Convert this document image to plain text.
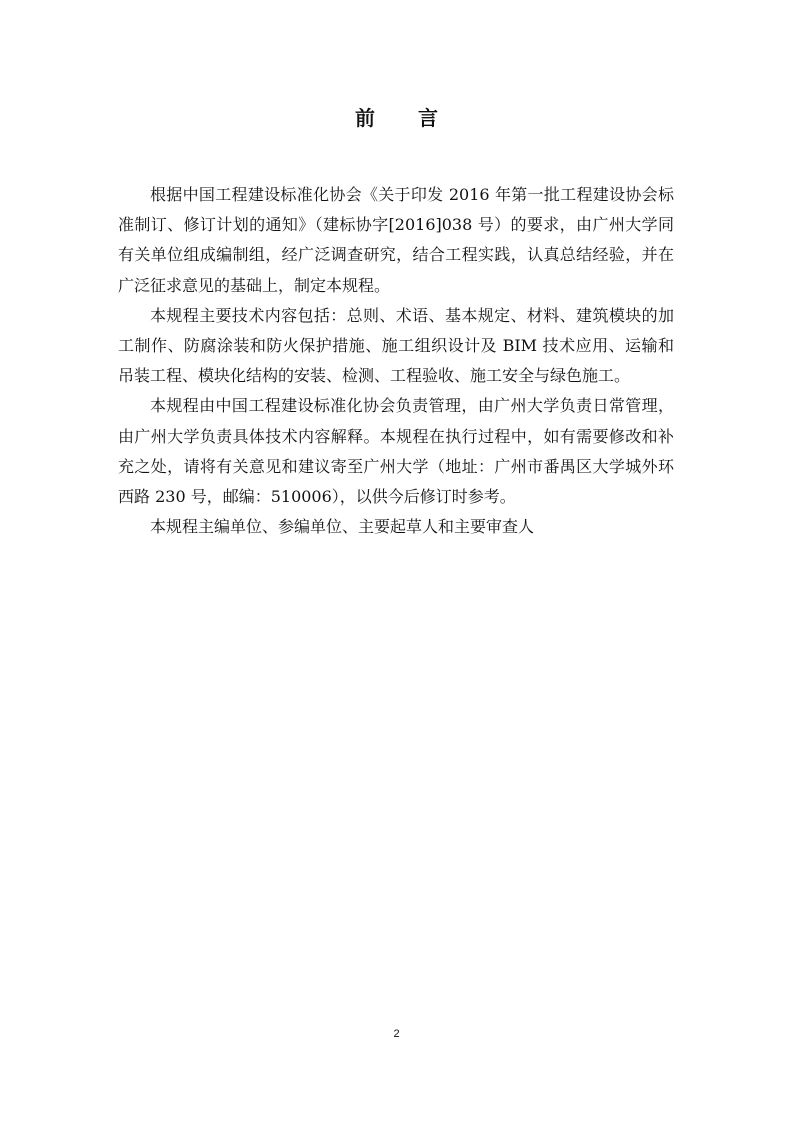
前 言

根据中国工程建设标准化协会《关于印发 2016 年第一批工程建设协会标准制订、修订计划的通知》（建标协字[2016]038 号）的要求，由广州大学同有关单位组成编制组，经广泛调查研究，结合工程实践，认真总结经验，并在广泛征求意见的基础上，制定本规程。

本规程主要技术内容包括：总则、术语、基本规定、材料、建筑模块的加工制作、防腐涂装和防火保护措施、施工组织设计及 BIM 技术应用、运输和吊装工程、模块化结构的安装、检测、工程验收、施工安全与绿色施工。

本规程由中国工程建设标准化协会负责管理，由广州大学负责日常管理，由广州大学负责具体技术内容解释。本规程在执行过程中，如有需要修改和补充之处，请将有关意见和建议寄至广州大学（地址：广州市番禺区大学城外环西路 230 号，邮编：510006），以供今后修订时参考。

本规程主编单位、参编单位、主要起草人和主要审查人

2
